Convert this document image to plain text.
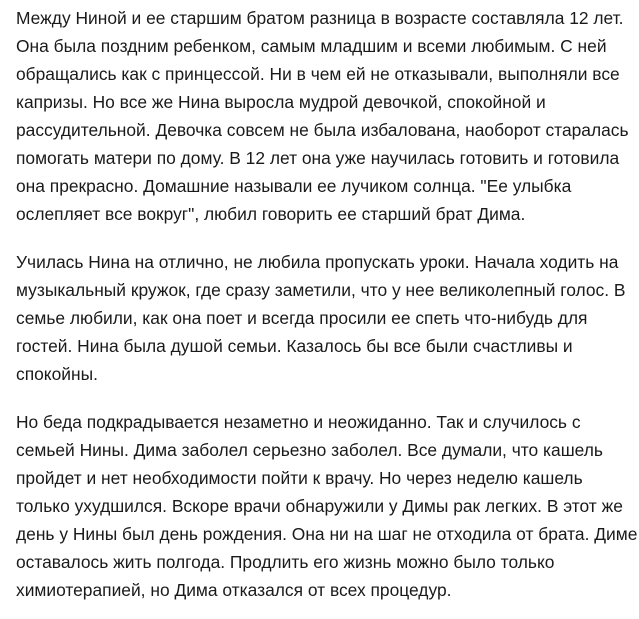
Между Ниной и ее старшим братом разница в возрасте составляла 12 лет.
Она была поздним ребенком, самым младшим и всеми любимым. С ней
обращались как с принцессой. Ни в чем ей не отказывали, выполняли все
капризы. Но все же Нина выросла мудрой девочкой, спокойной и
рассудительной. Девочка совсем не была избалована, наоборот старалась
помогать матери по дому. В 12 лет она уже научилась готовить и готовила
она прекрасно. Домашние называли ее лучиком солнца. "Ее улыбка
ослепляет все вокруг", любил говорить ее старший брат Дима.

Училась Нина на отлично, не любила пропускать уроки. Начала ходить на
музыкальный кружок, где сразу заметили, что у нее великолепный голос. В
семье любили, как она поет и всегда просили ее спеть что-нибудь для
гостей. Нина была душой семьи. Казалось бы все были счастливы и
спокойны.

Но беда подкрадывается незаметно и неожиданно. Так и случилось с
семьей Нины. Дима заболел серьезно заболел. Все думали, что кашель
пройдет и нет необходимости пойти к врачу. Но через неделю кашель
только ухудшился. Вскоре врачи обнаружили у Димы рак легких. В этот же
день у Нины был день рождения. Она ни на шаг не отходила от брата. Диме
оставалось жить полгода. Продлить его жизнь можно было только
химиотерапией, но Дима отказался от всех процедур.
